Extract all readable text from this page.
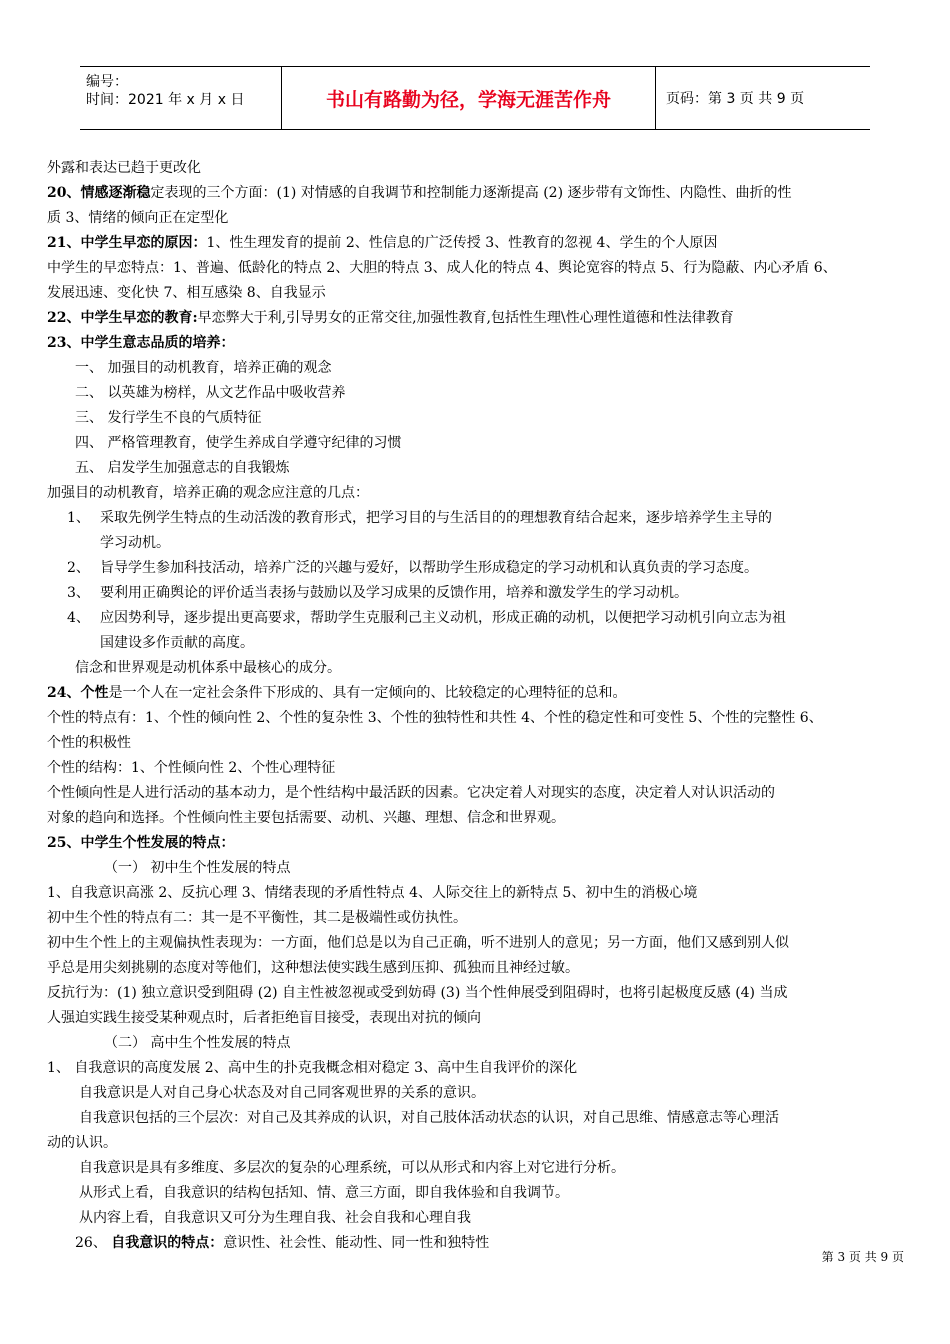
编号：
时间：2021 年 x 月 x 日	书山有路勤为径，学海无涯苦作舟	页码：第 3 页 共 9 页

外露和表达已趋于更改化

20、情感逐渐稳定表现的三个方面：(1) 对情感的自我调节和控制能力逐渐提高 (2) 逐步带有文饰性、内隐性、曲折的性

质 3、情绪的倾向正在定型化

21、中学生早恋的原因：1、性生理发育的提前 2、性信息的广泛传授 3、性教育的忽视 4、学生的个人原因

中学生的早恋特点：1、普遍、低龄化的特点 2、大胆的特点 3、成人化的特点 4、舆论宽容的特点 5、行为隐蔽、内心矛盾 6、

发展迅速、变化快 7、相互感染 8、自我显示

22、中学生早恋的教育:早恋弊大于利,引导男女的正常交往,加强性教育,包括性生理\性心理性道德和性法律教育

23、中学生意志品质的培养：

一、 加强目的动机教育，培养正确的观念

二、 以英雄为榜样，从文艺作品中吸收营养

三、 发行学生不良的气质特征

四、 严格管理教育，使学生养成自学遵守纪律的习惯

五、 启发学生加强意志的自我锻炼

加强目的动机教育，培养正确的观念应注意的几点：

1、 采取先例学生特点的生动活泼的教育形式，把学习目的与生活目的的理想教育结合起来，逐步培养学生主导的

学习动机。

2、 旨导学生参加科技活动，培养广泛的兴趣与爱好，以帮助学生形成稳定的学习动机和认真负责的学习态度。

3、 要利用正确舆论的评价适当表扬与鼓励以及学习成果的反馈作用，培养和激发学生的学习动机。

4、 应因势利导，逐步提出更高要求，帮助学生克服利己主义动机，形成正确的动机，以便把学习动机引向立志为祖

国建设多作贡献的高度。

信念和世界观是动机体系中最核心的成分。

24、个性是一个人在一定社会条件下形成的、具有一定倾向的、比较稳定的心理特征的总和。

个性的特点有：1、个性的倾向性 2、个性的复杂性 3、个性的独特性和共性 4、个性的稳定性和可变性 5、个性的完整性 6、

个性的积极性

个性的结构：1、个性倾向性 2、个性心理特征

个性倾向性是人进行活动的基本动力，是个性结构中最活跃的因素。它决定着人对现实的态度，决定着人对认识活动的

对象的趋向和选择。个性倾向性主要包括需要、动机、兴趣、理想、信念和世界观。

25、中学生个性发展的特点：

（一） 初中生个性发展的特点

1、自我意识高涨 2、反抗心理 3、情绪表现的矛盾性特点 4、人际交往上的新特点 5、初中生的消极心境

初中生个性的特点有二：其一是不平衡性，其二是极端性或仿执性。

初中生个性上的主观偏执性表现为：一方面，他们总是以为自己正确，听不进别人的意见；另一方面，他们又感到别人似

乎总是用尖刻挑剔的态度对等他们，这种想法使实践生感到压抑、孤独而且神经过敏。

反抗行为：(1) 独立意识受到阻碍 (2) 自主性被忽视或受到妨碍 (3) 当个性伸展受到阻碍时，也将引起极度反感 (4) 当成

人强迫实践生接受某种观点时，后者拒绝盲目接受，表现出对抗的倾向

（二） 高中生个性发展的特点

1、 自我意识的高度发展 2、高中生的扑克我概念相对稳定 3、高中生自我评价的深化

自我意识是人对自己身心状态及对自己同客观世界的关系的意识。

自我意识包括的三个层次：对自己及其养成的认识，对自己肢体活动状态的认识，对自己思维、情感意志等心理活

动的认识。

自我意识是具有多维度、多层次的复杂的心理系统，可以从形式和内容上对它进行分析。

从形式上看，自我意识的结构包括知、情、意三方面，即自我体验和自我调节。

从内容上看，自我意识又可分为生理自我、社会自我和心理自我

26、 自我意识的特点：意识性、社会性、能动性、同一性和独特性

第 3 页 共 9 页
